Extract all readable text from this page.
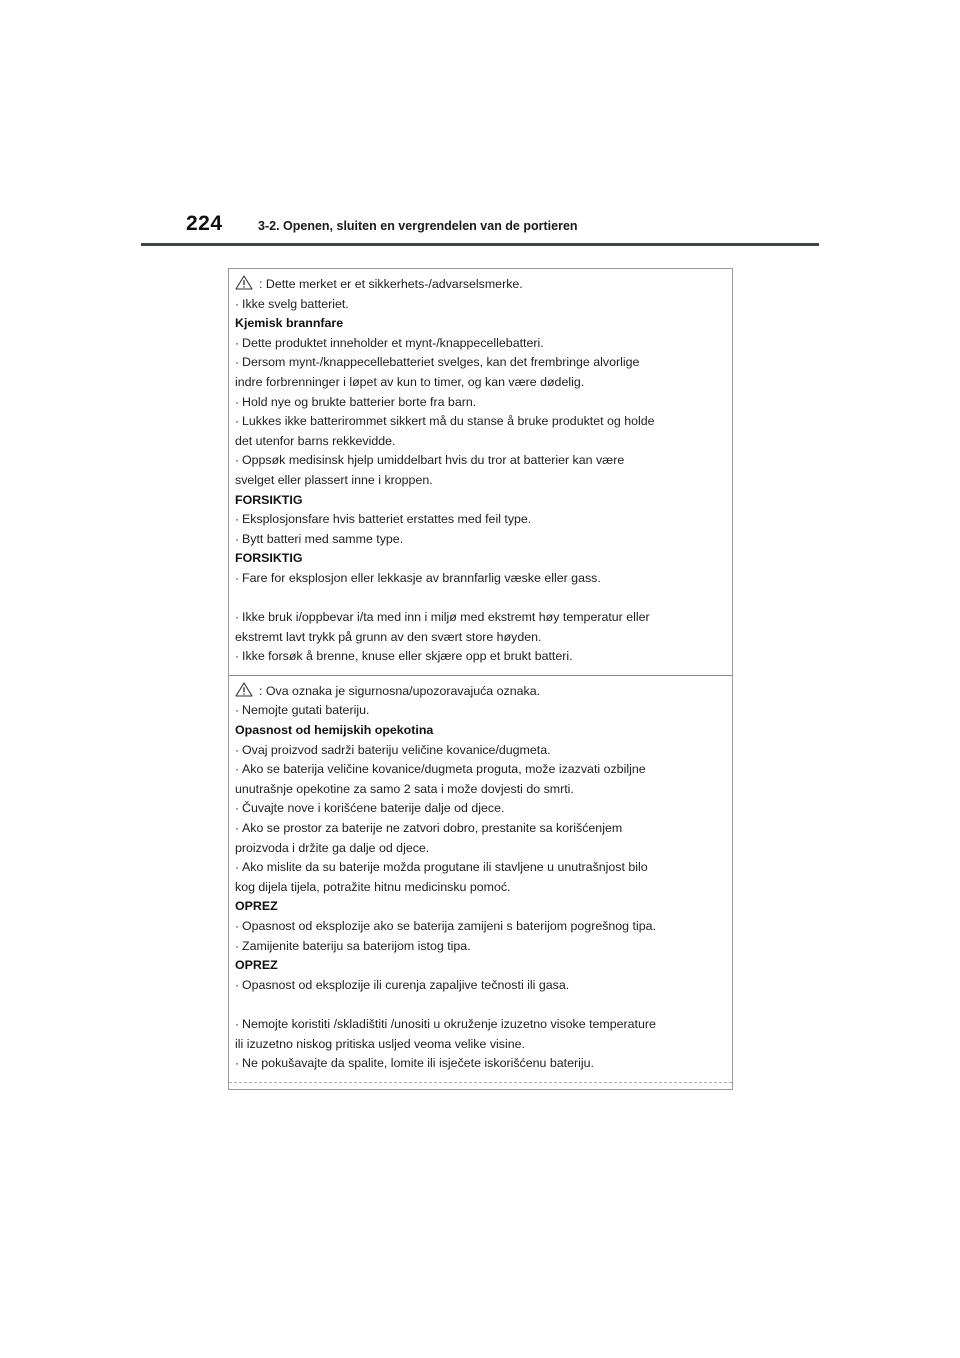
224	3-2. Openen, sluiten en vergrendelen van de portieren
: Dette merket er et sikkerhets-/advarselsmerke.
· Ikke svelg batteriet.
Kjemisk brannfare
· Dette produktet inneholder et mynt-/knappecellebatteri.
· Dersom mynt-/knappecellebatteriet svelges, kan det frembringe alvorlige
indre forbrenninger i løpet av kun to timer, og kan være dødelig.
· Hold nye og brukte batterier borte fra barn.
· Lukkes ikke batterirommet sikkert må du stanse å bruke produktet og holde
det utenfor barns rekkevidde.
· Oppsøk medisinsk hjelp umiddelbart hvis du tror at batterier kan være
svelget eller plassert inne i kroppen.
FORSIKTIG
· Eksplosjonsfare hvis batteriet erstattes med feil type.
· Bytt batteri med samme type.
FORSIKTIG
· Fare for eksplosjon eller lekkasje av brannfarlig væske eller gass.
· Ikke bruk i/oppbevar i/ta med inn i miljø med ekstremt høy temperatur eller
ekstremt lavt trykk på grunn av den svært store høyden.
· Ikke forsøk å brenne, knuse eller skjære opp et brukt batteri.
: Ova oznaka je sigurnosna/upozoravajuća oznaka.
· Nemojte gutati bateriju.
Opasnost od hemijskih opekotina
· Ovaj proizvod sadrži bateriju veličine kovanice/dugmeta.
· Ako se baterija veličine kovanice/dugmeta proguta, može izazvati ozbiljne
unutrašnje opekotine za samo 2 sata i može dovjesti do smrti.
· Čuvajte nove i korišćene baterije dalje od djece.
· Ako se prostor za baterije ne zatvori dobro, prestanite sa korišćenjem
proizvoda i držite ga dalje od djece.
· Ako mislite da su baterije možda progutane ili stavljene u unutrašnjost bilo
kog dijela tijela, potražite hitnu medicinsku pomoć.
OPREZ
· Opasnost od eksplozije ako se baterija zamijeni s baterijom pogrešnog tipa.
· Zamijenite bateriju sa baterijom istog tipa.
OPREZ
· Opasnost od eksplozije ili curenja zapaljive tečnosti ili gasa.
· Nemojte koristiti /skladištiti /unositi u okruženje izuzetno visoke temperature
ili izuzetno niskog pritiska usljed veoma velike visine.
· Ne pokušavajte da spalite, lomite ili isječete iskorišćenu bateriju.
